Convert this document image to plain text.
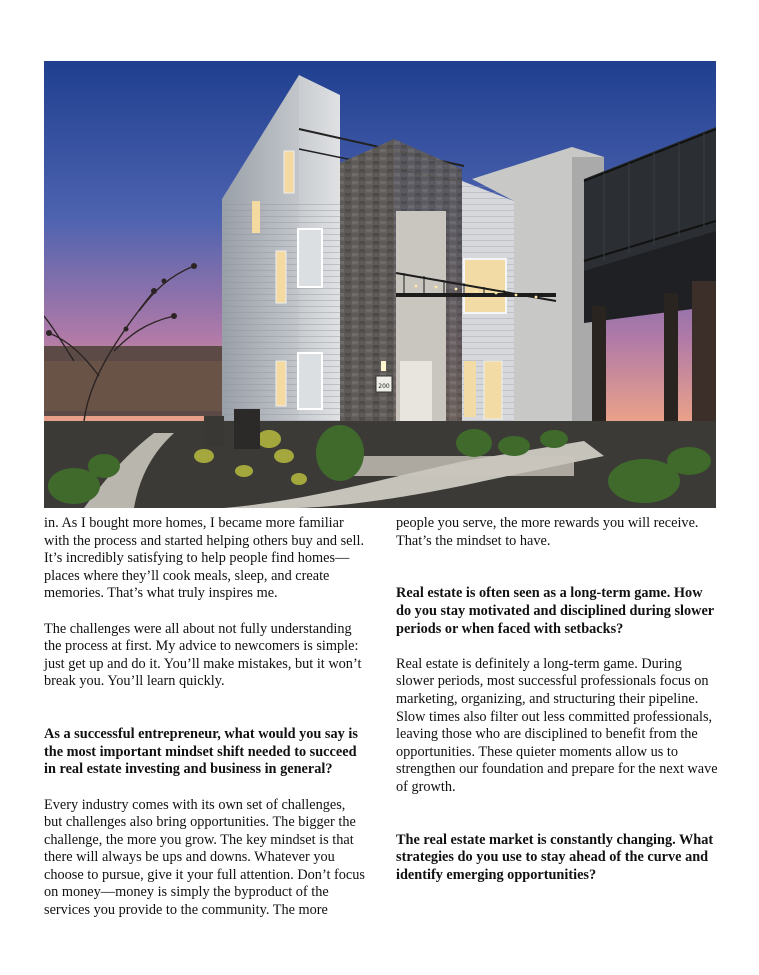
200

in. As I bought more homes, I became more familiar with the process and started helping others buy and sell. It’s incredibly satisfying to help people find homes—places where they’ll cook meals, sleep, and create memories. That’s what truly inspires me.

The challenges were all about not fully understanding the process at first. My advice to newcomers is simple: just get up and do it. You’ll make mistakes, but it won’t break you. You’ll learn quickly.

As a successful entrepreneur, what would you say is the most important mindset shift needed to succeed in real estate investing and business in general?

Every industry comes with its own set of challenges, but challenges also bring opportunities. The bigger the challenge, the more you grow. The key mindset is that there will always be ups and downs. Whatever you choose to pursue, give it your full attention. Don’t focus on money—money is simply the byproduct of the services you provide to the community. The more

people you serve, the more rewards you will receive. That’s the mindset to have.

Real estate is often seen as a long-term game. How do you stay motivated and disciplined during slower periods or when faced with setbacks?

Real estate is definitely a long-term game. During slower periods, most successful professionals focus on marketing, organizing, and structuring their pipeline. Slow times also filter out less committed professionals, leaving those who are disciplined to benefit from the opportunities. These quieter moments allow us to strengthen our foundation and prepare for the next wave of growth.

The real estate market is constantly changing. What strategies do you use to stay ahead of the curve and identify emerging opportunities?
